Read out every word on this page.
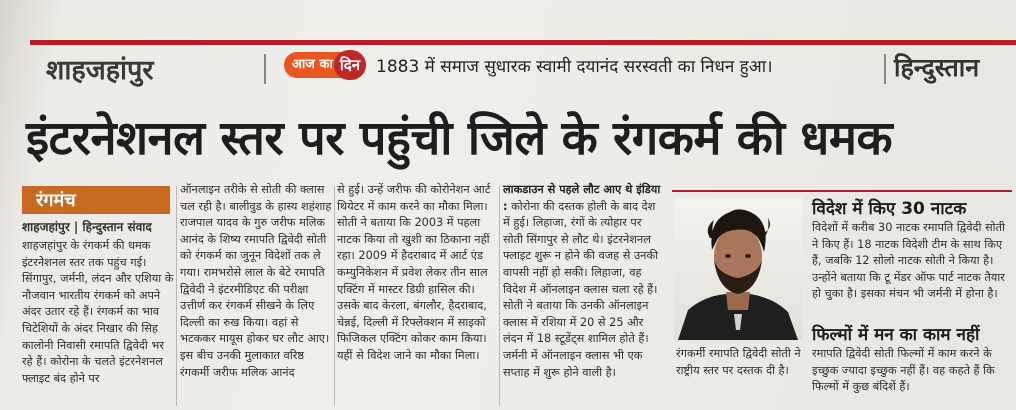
शाहजहांपुर	आज का दिन 1883 में समाज सुधारक स्वामी दयानंद सरस्वती का निधन हुआ।	हिन्दुस्तान
इंटरनेशनल स्तर पर पहुंची जिले के रंगकर्म की धमक
रंगमंच
शाहजहांपुर | हिन्दुस्तान संवाद

शाहजहांपुर के रंगकर्म की धमक इंटरनेशनल स्तर तक पहुंच गई। सिंगापुर, जर्मनी, लंदन और एशिया के नौजवान भारतीय रंगकर्म को अपने अंदर उतार रहे हैं। रंगकर्म का भाव चिटेशियों के अंदर निखार की सिह कालोनी निवासी रमापति द्विवेदी भर रहे हैं। कोरोना के चलते इंटरनेशनल फ्लाइट बंद होने पर

ऑनलाइन तरीके से सोती की क्लास चल रही है। बालीवुड के हास्य शहंशाह राजपाल यादव के गुरु जरीफ मलिक आनंद के शिष्य रमापति द्विवेदी सोती को रंगकर्म का जुनून विदेशों तक ले गया। रामभरोसे लाल के बेटे रमापति द्विवेदी ने इंटरमीडिएट की परीक्षा उत्तीर्ण कर रंगकर्म सीखने के लिए दिल्ली का रुख किया। वहां से भटककर मायूस होकर घर लौट आए। इस बीच उनकी मुलाकात वरिष्ठ रंगकर्मी जरीफ मलिक आनंद

से हुई। उन्हें जरीफ की कोरोनेशन आर्ट थियेटर में काम करने का मौका मिला। सोती ने बताया कि 2003 में पहला नाटक किया तो खुशी का ठिकाना नहीं रहा। 2009 में हैदराबाद में आर्ट एंड कम्युनिकेशन में प्रवेश लेकर तीन साल एक्टिंग में मास्टर डिग्री हासिल की। उसके बाद केरला, बंगलौर, हैदराबाद, चेन्नई, दिल्ली में रिफ्लेक्शन में साइको फिजिकल एक्टिंग कोकर काम किया। यहीं से विदेश जाने का मौका मिला।

लाकडाउन से पहले लौट आए थे इंडिया : कोरोना की दस्तक होली के बाद देश में हुई। लिहाजा, रंगों के त्योहार पर सोती सिंगापुर से लौट थे। इंटरनेशनल फ्लाइट शुरू न होने की वजह से उनकी वापसी नहीं हो सकी। लिहाजा, वह विदेश में ऑनलाइन क्लास चला रहे हैं। सोती ने बताया कि उनकी ऑनलाइन क्लास में रशिया में 20 से 25 और लंदन में 18 स्टूडेंट्स शामिल होते हैं। जर्मनी में ऑनलाइन क्लास भी एक सप्ताह में शुरू होने वाली है।

रंगकर्मी रमापति द्विवेदी सोती ने राष्ट्रीय स्तर पर दस्तक दी है।
विदेश में किए 30 नाटक
विदेशों में करीब 30 नाटक रमापति द्विवेदी सोती ने किए हैं। 18 नाटक विदेशी टीम के साथ किए हैं, जबकि 12 सोलो नाटक सोती ने किया है। उन्होंने बताया कि टू मेंडर ऑफ पार्ट नाटक तैयार हो चुका है। इसका मंचन भी जर्मनी में होना है।
फिल्मों में मन का काम नहीं
रमापति द्विवेदी सोती फिल्मों में काम करने के इच्छुक ज्यादा इच्छुक नहीं हैं। वह कहते हैं कि फिल्मों में कुछ बंदिशें हैं।
